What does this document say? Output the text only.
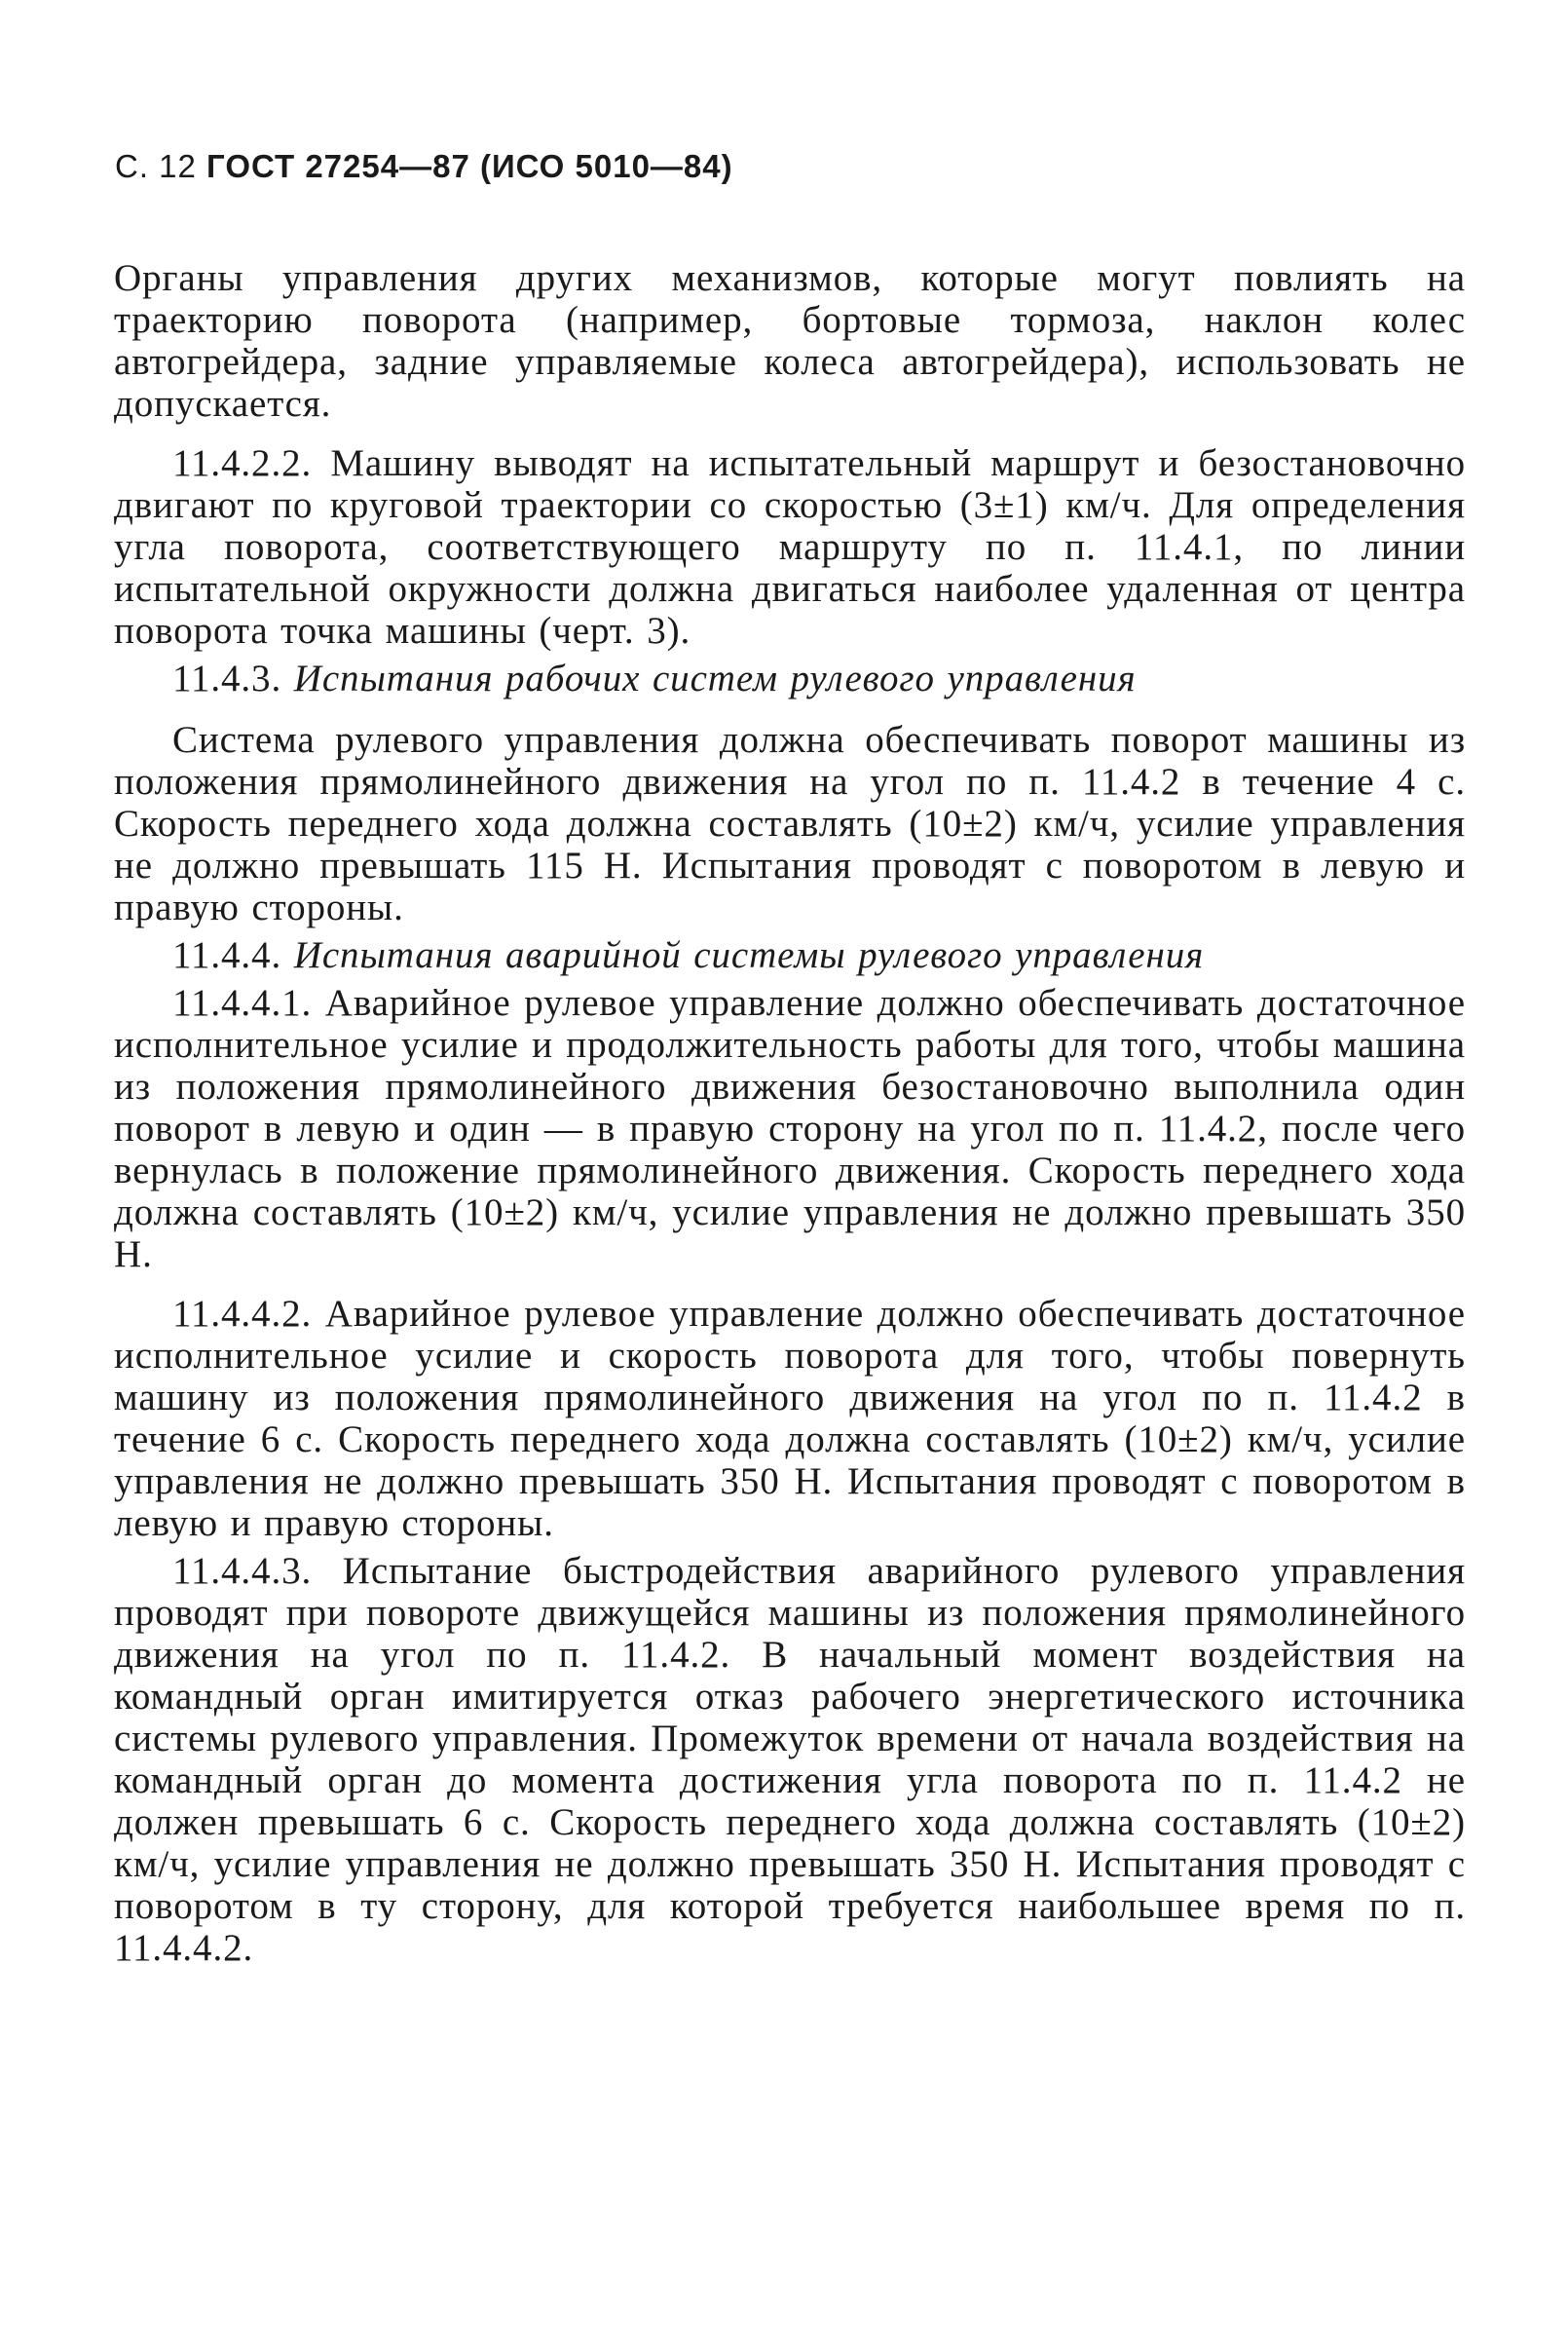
С. 12 ГОСТ 27254—87 (ИСО 5010—84)

Органы управления других механизмов, которые могут повлиять на траекторию поворота (например, бортовые тормоза, наклон колес автогрейдера, задние управляемые колеса автогрейдера), использовать не допускается.

11.4.2.2. Машину выводят на испытательный маршрут и безостановочно двигают по круговой траектории со скоростью (3±1) км/ч. Для определения угла поворота, соответствующего маршруту по п. 11.4.1, по линии испытательной окружности должна двигаться наиболее удаленная от центра поворота точка машины (черт. 3).

11.4.3. Испытания рабочих систем рулевого управления

Система рулевого управления должна обеспечивать поворот машины из положения прямолинейного движения на угол по п. 11.4.2 в течение 4 с. Скорость переднего хода должна составлять (10±2) км/ч, усилие управления не должно превышать 115 Н. Испытания проводят с поворотом в левую и правую стороны.

11.4.4. Испытания аварийной системы рулевого управления

11.4.4.1. Аварийное рулевое управление должно обеспечивать достаточное исполнительное усилие и продолжительность работы для того, чтобы машина из положения прямолинейного движения безостановочно выполнила один поворот в левую и один — в правую сторону на угол по п. 11.4.2, после чего вернулась в положение прямолинейного движения. Скорость переднего хода должна составлять (10±2) км/ч, усилие управления не должно превышать 350 Н.

11.4.4.2. Аварийное рулевое управление должно обеспечивать достаточное исполнительное усилие и скорость поворота для того, чтобы повернуть машину из положения прямолинейного движения на угол по п. 11.4.2 в течение 6 с. Скорость переднего хода должна составлять (10±2) км/ч, усилие управления не должно превышать 350 Н. Испытания проводят с поворотом в левую и правую стороны.

11.4.4.3. Испытание быстродействия аварийного рулевого управления проводят при повороте движущейся машины из положения прямолинейного движения на угол по п. 11.4.2. В начальный момент воздействия на командный орган имитируется отказ рабочего энергетического источника системы рулевого управления. Промежуток времени от начала воздействия на командный орган до момента достижения угла поворота по п. 11.4.2 не должен превышать 6 с. Скорость переднего хода должна составлять (10±2) км/ч, усилие управления не должно превышать 350 Н. Испытания проводят с поворотом в ту сторону, для которой требуется наибольшее время по п. 11.4.4.2.
